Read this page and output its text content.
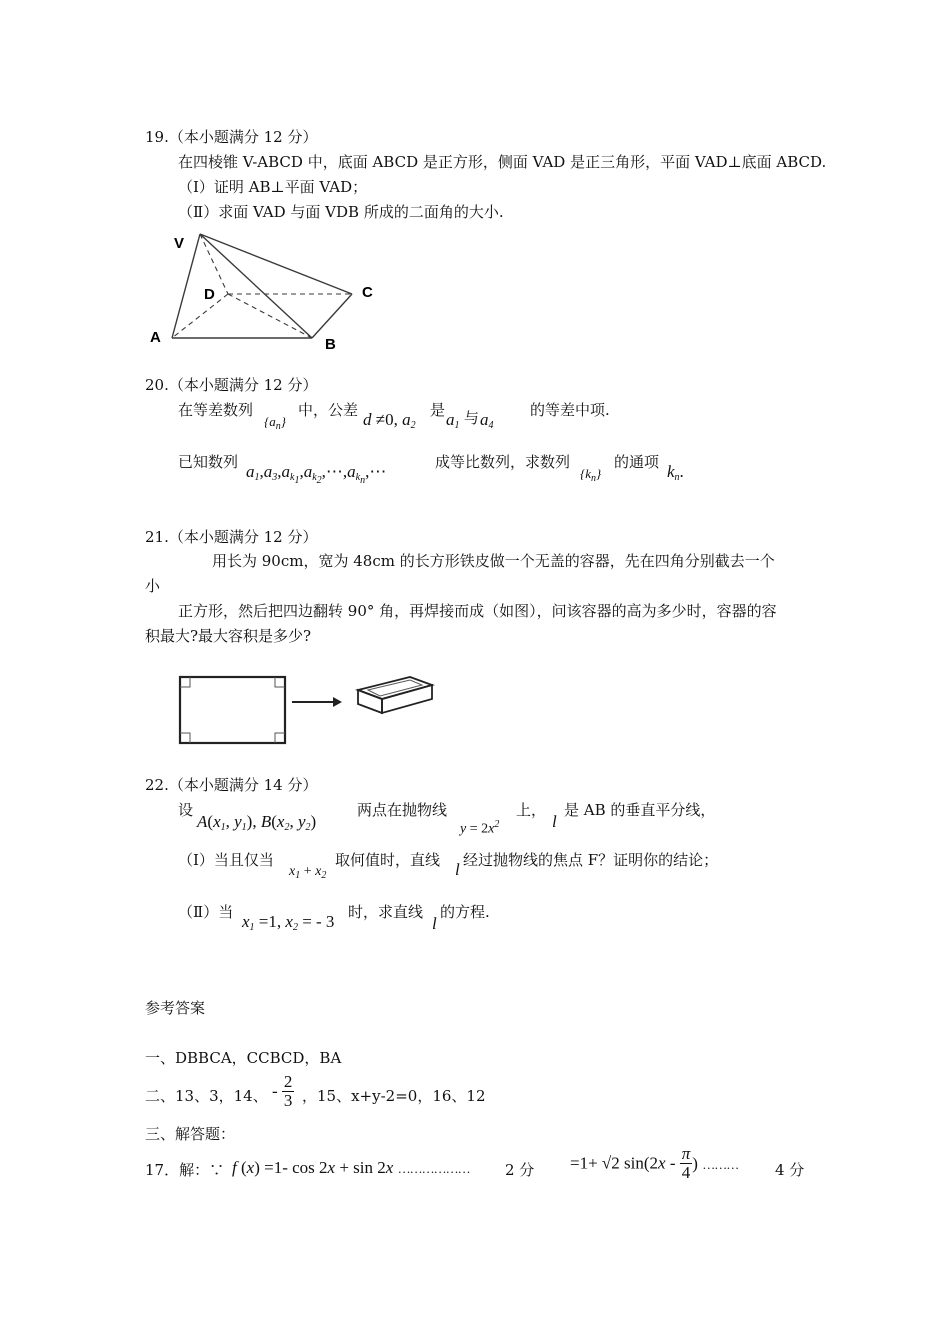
19.（本小题满分 12 分）
在四棱锥 V-ABCD 中，底面 ABCD 是正方形，侧面 VAD 是正三角形，平面 VAD⊥底面 ABCD.
（Ⅰ）证明 AB⊥平面 VAD；
（Ⅱ）求面 VAD 与面 VDB 所成的二面角的大小.
V
D	C
A	B
20.（本小题满分 12 分）
在等差数列
$\{a_n\}$
中，公差 d ≠0, $a_2$
是 $a_1$ 与 $a_4$
的等差中项.
已知数列 $a_1,a_3,a_{k_1},a_{k_2},\cdots,a_{k_n},\cdots$	成等比数列，求数列
$\{k_n\}$
的通项 $k_n$.
21.（本小题满分 12 分）
用长为 90cm，宽为 48cm 的长方形铁皮做一个无盖的容器，先在四角分别截去一个
小
正方形，然后把四边翻转 90° 角，再焊接而成（如图），问该容器的高为多少时，容器的容
积最大?最大容积是多少?
22.（本小题满分 14 分）
设
$A(x_1$, $y_1$), $B(x_2$, $y_2$)
两点在抛物线
$y = 2x^2$
上，
l
是 AB 的垂直平分线，
（Ⅰ）当且仅当
$x_1 + x_2$
取何值时，直线 l 经过抛物线的焦点 F？证明你的结论；
（Ⅱ）当 $x_1 =1$, $x_2$ = - 3 时，求直线
l
的方程.
参考答案
一、DBBCA，CCBCD，BA
二、13、3，14、 - $\frac{2}{3}$ ，15、x+y-2=0，16、12
三、解答题：
17．解：∵ f (x) =1- cos 2x + sin 2x ……………… 2 分 =1+ √2 $\sin(2x - \frac{\pi}{4}$ ) ……… 4 分
